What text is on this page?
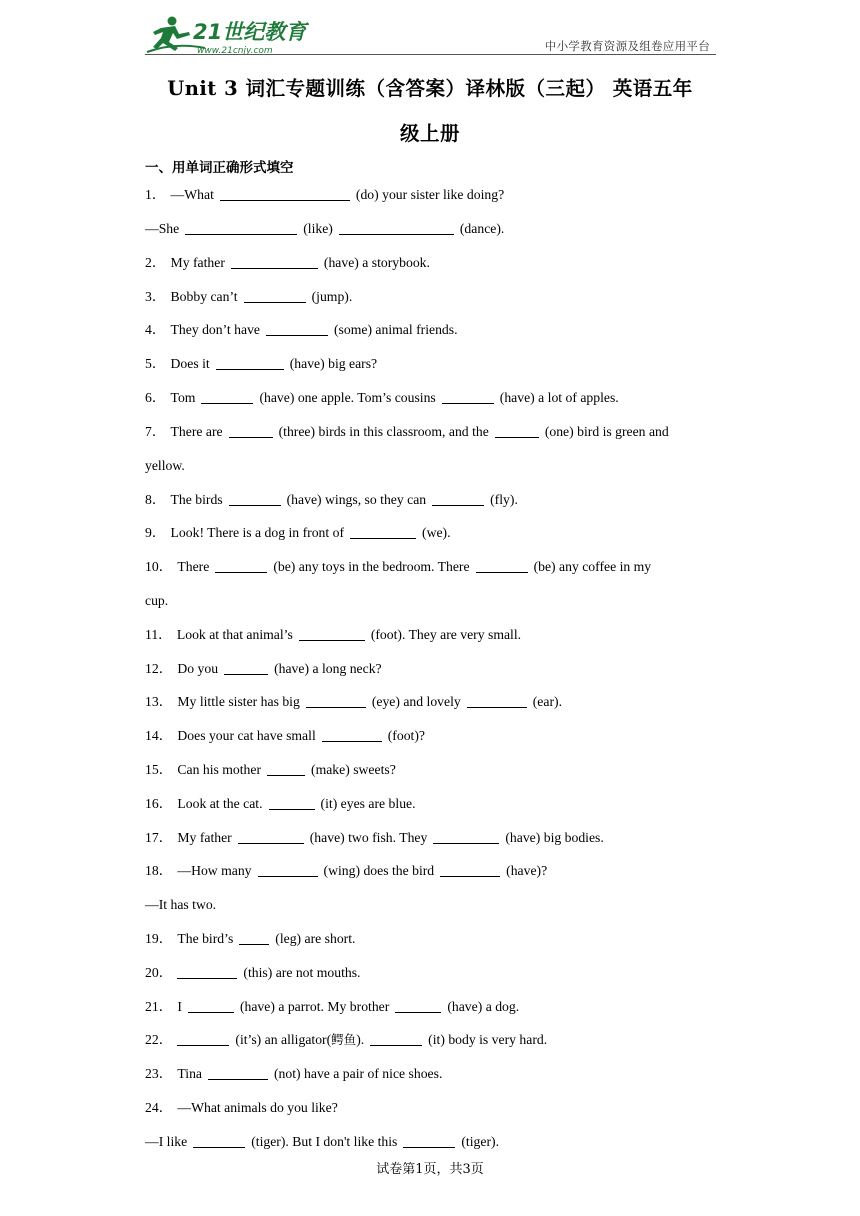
21世纪教育
www.21cnjy.com	中小学教育资源及组卷应用平台
Unit 3 词汇专题训练（含答案）译林版（三起） 英语五年
级上册
一、用单词正确形式填空
1． —What	(do) your sister like doing?
—She	(like)	(dance).
2． My father	(have) a storybook.
3． Bobby can’t	(jump).
4． They don’t have	(some) animal friends.
5． Does it	(have) big ears?
6． Tom	(have) one apple. Tom’s cousins	(have) a lot of apples.
7． There are	(three) birds in this classroom, and the	(one) bird is green and
yellow.
8． The birds	(have) wings, so they can	(fly).
9． Look! There is a dog in front of	(we).
10． There	(be) any toys in the bedroom. There	(be) any coffee in my
cup.
11． Look at that animal’s	(foot). They are very small.
12． Do you	(have) a long neck?
13． My little sister has big	(eye) and lovely	(ear).
14． Does your cat have small	(foot)?
15． Can his mother	(make) sweets?
16． Look at the cat.	(it) eyes are blue.
17． My father	(have) two fish. They	(have) big bodies.
18． —How many	(wing) does the bird	(have)?
—It has two.
19． The bird’s	(leg) are short.
20．	(this) are not mouths.
21． I	(have) a parrot. My brother	(have) a dog.
22．	(it’s) an alligator(鳄鱼).	(it) body is very hard.
23． Tina	(not) have a pair of nice shoes.
24． —What animals do you like?
—I like	(tiger). But I don't like this	(tiger).
试卷第1页，共3页
